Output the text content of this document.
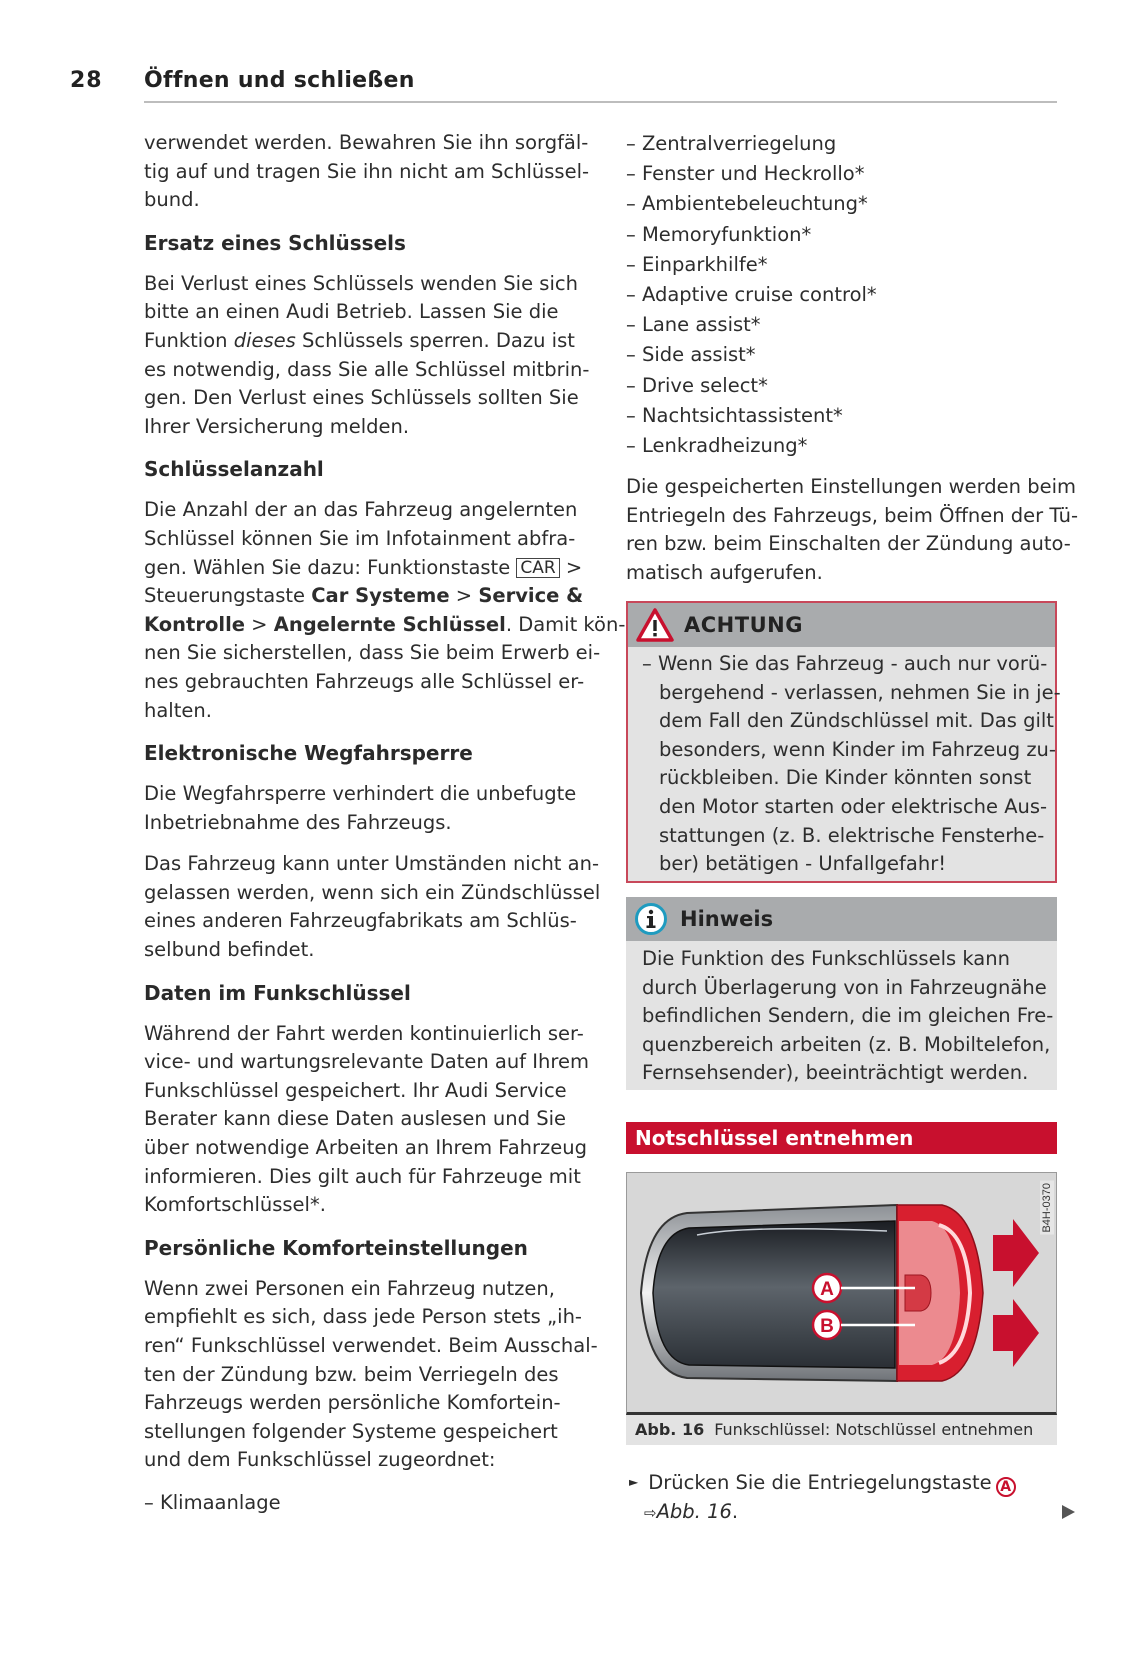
28 Öffnen und schließen

verwendet werden. Bewahren Sie ihn sorgfäl-
tig auf und tragen Sie ihn nicht am Schlüssel-
bund.

Ersatz eines Schlüssels

Bei Verlust eines Schlüssels wenden Sie sich
bitte an einen Audi Betrieb. Lassen Sie die
Funktion dieses Schlüssels sperren. Dazu ist
es notwendig, dass Sie alle Schlüssel mitbrin-
gen. Den Verlust eines Schlüssels sollten Sie
Ihrer Versicherung melden.

Schlüsselanzahl

Die Anzahl der an das Fahrzeug angelernten
Schlüssel können Sie im Infotainment abfra-
gen. Wählen Sie dazu: Funktionstaste CAR >
Steuerungstaste Car Systeme > Service &
Kontrolle > Angelernte Schlüssel. Damit kön-
nen Sie sicherstellen, dass Sie beim Erwerb ei-
nes gebrauchten Fahrzeugs alle Schlüssel er-
halten.

Elektronische Wegfahrsperre

Die Wegfahrsperre verhindert die unbefugte
Inbetriebnahme des Fahrzeugs.

Das Fahrzeug kann unter Umständen nicht an-
gelassen werden, wenn sich ein Zündschlüssel
eines anderen Fahrzeugfabrikats am Schlüs-
selbund befindet.

Daten im Funkschlüssel

Während der Fahrt werden kontinuierlich ser-
vice- und wartungsrelevante Daten auf Ihrem
Funkschlüssel gespeichert. Ihr Audi Service
Berater kann diese Daten auslesen und Sie
über notwendige Arbeiten an Ihrem Fahrzeug
informieren. Dies gilt auch für Fahrzeuge mit
Komfortschlüssel*.

Persönliche Komforteinstellungen

Wenn zwei Personen ein Fahrzeug nutzen,
empfiehlt es sich, dass jede Person stets „ih-
ren“ Funkschlüssel verwendet. Beim Ausschal-
ten der Zündung bzw. beim Verriegeln des
Fahrzeugs werden persönliche Komfortein-
stellungen folgender Systeme gespeichert
und dem Funkschlüssel zugeordnet:

– Klimaanlage
– Zentralverriegelung
– Fenster und Heckrollo*
– Ambientebeleuchtung*
– Memoryfunktion*
– Einparkhilfe*
– Adaptive cruise control*
– Lane assist*
– Side assist*
– Drive select*
– Nachtsichtassistent*
– Lenkradheizung*

Die gespeicherten Einstellungen werden beim
Entriegeln des Fahrzeugs, beim Öffnen der Tü-
ren bzw. beim Einschalten der Zündung auto-
matisch aufgerufen.

ACHTUNG
– Wenn Sie das Fahrzeug - auch nur vorü-
bergehend - verlassen, nehmen Sie in je-
dem Fall den Zündschlüssel mit. Das gilt
besonders, wenn Kinder im Fahrzeug zu-
rückbleiben. Die Kinder könnten sonst
den Motor starten oder elektrische Aus-
stattungen (z. B. elektrische Fensterhe-
ber) betätigen - Unfallgefahr!
Hinweis
Die Funktion des Funkschlüssels kann
durch Überlagerung von in Fahrzeugnähe
befindlichen Sendern, die im gleichen Fre-
quenzbereich arbeiten (z. B. Mobiltelefon,
Fernsehsender), beeinträchtigt werden.
Notschlüssel entnehmen
A
B
B4H-0370
Abb. 16 Funkschlüssel: Notschlüssel entnehmen
► Drücken Sie die Entriegelungstaste A
⇨Abb. 16.
